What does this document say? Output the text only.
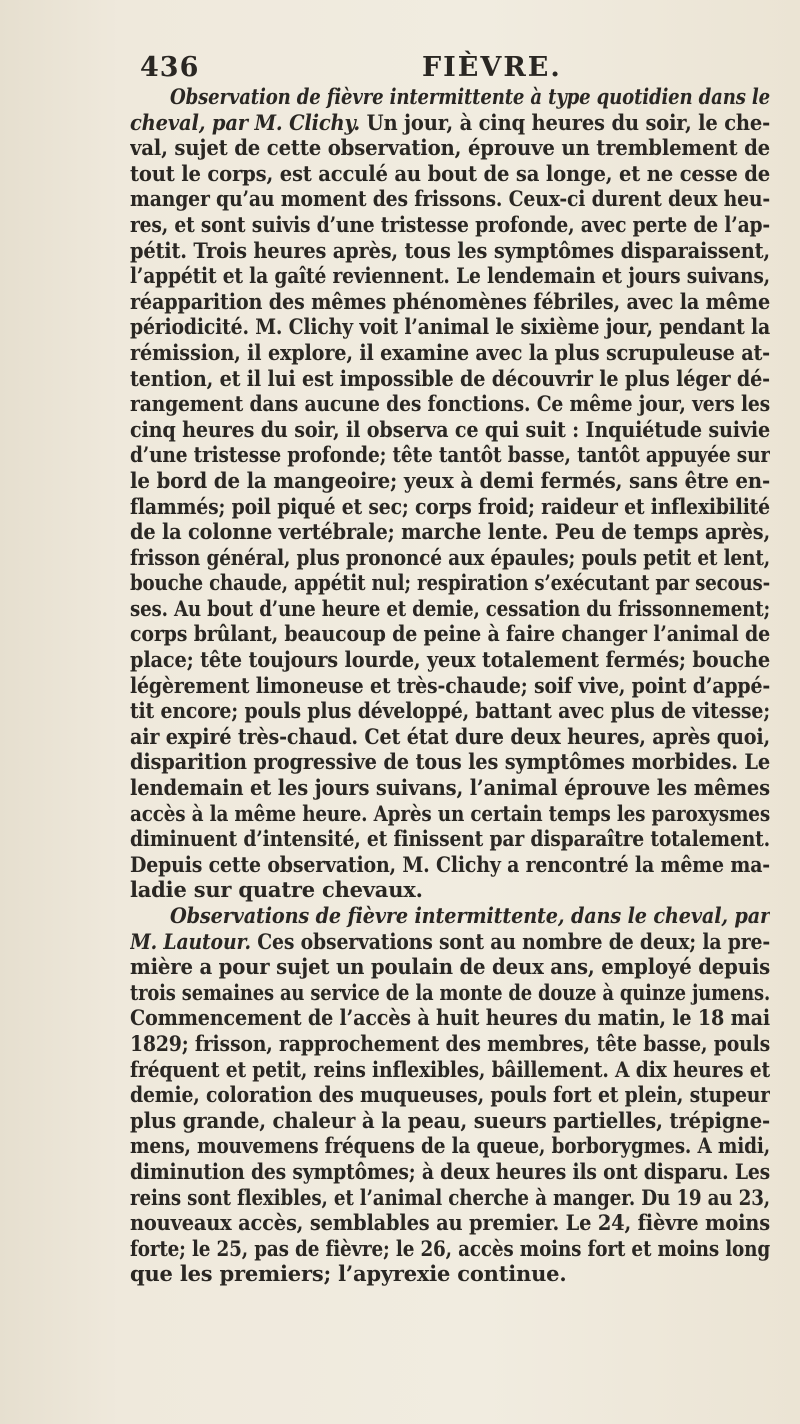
436	FIÈVRE.
Observation de fièvre intermittente à type quotidien dans le
cheval, par M. Clichy. Un jour, à cinq heures du soir, le che-
val, sujet de cette observation, éprouve un tremblement de
tout le corps, est acculé au bout de sa longe, et ne cesse de
manger qu’au moment des frissons. Ceux-ci durent deux heu-
res, et sont suivis d’une tristesse profonde, avec perte de l’ap-
pétit. Trois heures après, tous les symptômes disparaissent,
l’appétit et la gaîté reviennent. Le lendemain et jours suivans,
réapparition des mêmes phénomènes fébriles, avec la même
périodicité. M. Clichy voit l’animal le sixième jour, pendant la
rémission, il explore, il examine avec la plus scrupuleuse at-
tention, et il lui est impossible de découvrir le plus léger dé-
rangement dans aucune des fonctions. Ce même jour, vers les
cinq heures du soir, il observa ce qui suit : Inquiétude suivie
d’une tristesse profonde; tête tantôt basse, tantôt appuyée sur
le bord de la mangeoire; yeux à demi fermés, sans être en-
flammés; poil piqué et sec; corps froid; raideur et inflexibilité
de la colonne vertébrale; marche lente. Peu de temps après,
frisson général, plus prononcé aux épaules; pouls petit et lent,
bouche chaude, appétit nul; respiration s’exécutant par secous-
ses. Au bout d’une heure et demie, cessation du frissonnement;
corps brûlant, beaucoup de peine à faire changer l’animal de
place; tête toujours lourde, yeux totalement fermés; bouche
légèrement limoneuse et très-chaude; soif vive, point d’appé-
tit encore; pouls plus développé, battant avec plus de vitesse;
air expiré très-chaud. Cet état dure deux heures, après quoi,
disparition progressive de tous les symptômes morbides. Le
lendemain et les jours suivans, l’animal éprouve les mêmes
accès à la même heure. Après un certain temps les paroxysmes
diminuent d’intensité, et finissent par disparaître totalement.
Depuis cette observation, M. Clichy a rencontré la même ma-
ladie sur quatre chevaux.
Observations de fièvre intermittente, dans le cheval, par
M. Lautour. Ces observations sont au nombre de deux; la pre-
mière a pour sujet un poulain de deux ans, employé depuis
trois semaines au service de la monte de douze à quinze jumens.
Commencement de l’accès à huit heures du matin, le 18 mai
1829; frisson, rapprochement des membres, tête basse, pouls
fréquent et petit, reins inflexibles, bâillement. A dix heures et
demie, coloration des muqueuses, pouls fort et plein, stupeur
plus grande, chaleur à la peau, sueurs partielles, trépigne-
mens, mouvemens fréquens de la queue, borborygmes. A midi,
diminution des symptômes; à deux heures ils ont disparu. Les
reins sont flexibles, et l’animal cherche à manger. Du 19 au 23,
nouveaux accès, semblables au premier. Le 24, fièvre moins
forte; le 25, pas de fièvre; le 26, accès moins fort et moins long
que les premiers; l’apyrexie continue.
